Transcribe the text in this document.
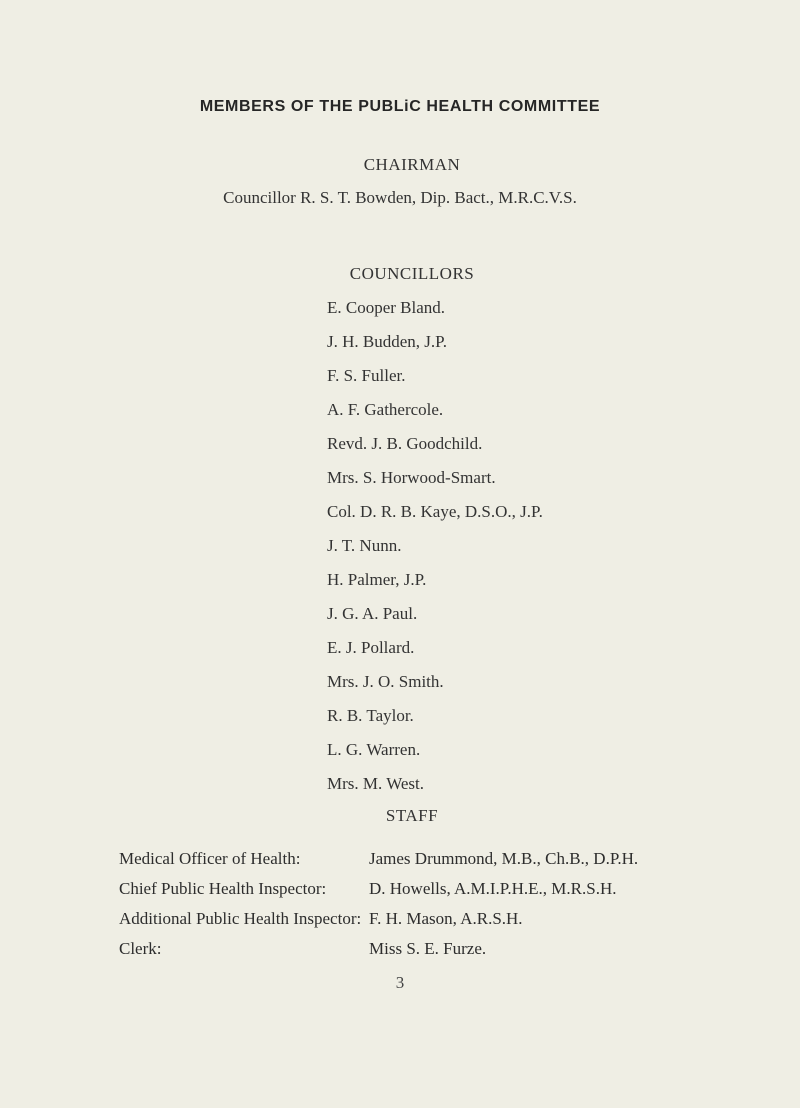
MEMBERS OF THE PUBLiC HEALTH COMMITTEE
CHAIRMAN
Councillor R. S. T. Bowden, Dip. Bact., M.R.C.V.S.
COUNCILLORS
E. Cooper Bland.
J. H. Budden, J.P.
F. S. Fuller.
A. F. Gathercole.
Revd. J. B. Goodchild.
Mrs. S. Horwood-Smart.
Col. D. R. B. Kaye, D.S.O., J.P.
J. T. Nunn.
H. Palmer, J.P.
J. G. A. Paul.
E. J. Pollard.
Mrs. J. O. Smith.
R. B. Taylor.
L. G. Warren.
Mrs. M. West.
STAFF
Medical Officer of Health:	James Drummond, M.B., Ch.B., D.P.H.
Chief Public Health Inspector:	D. Howells, A.M.I.P.H.E., M.R.S.H.
Additional Public Health Inspector:	F. H. Mason, A.R.S.H.
Clerk:	Miss S. E. Furze.
3
